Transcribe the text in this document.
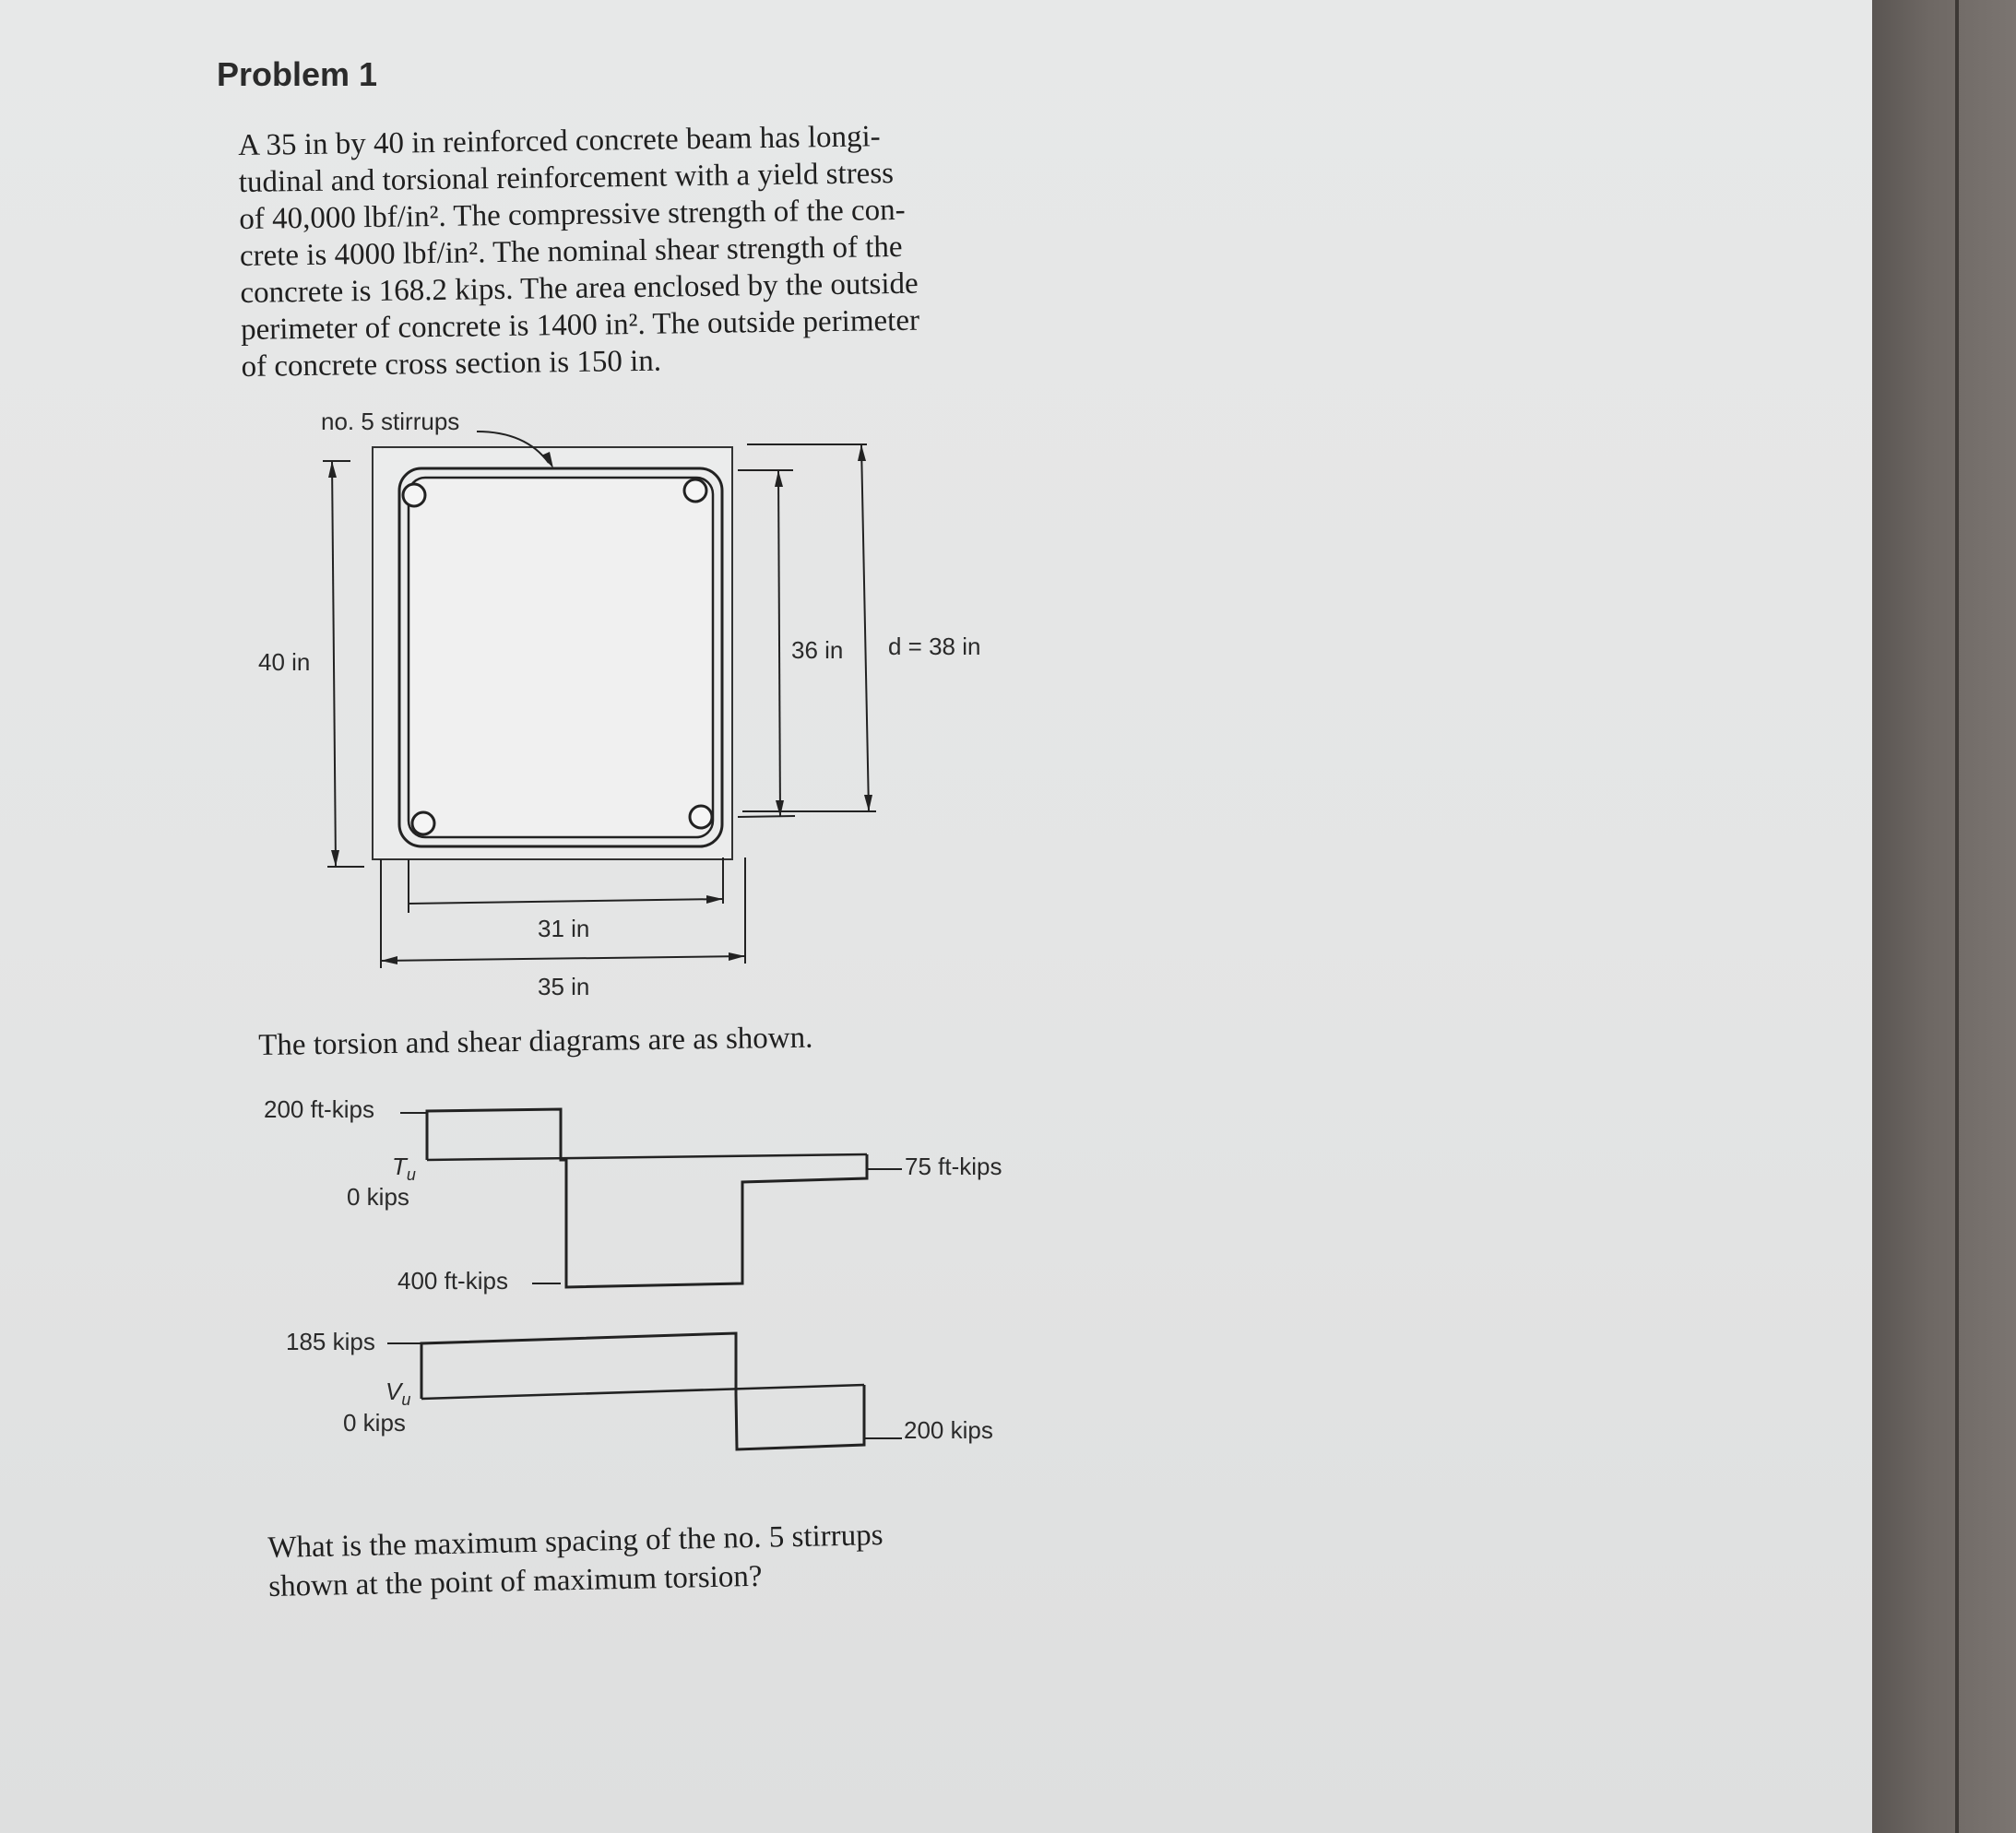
Problem 1

A 35 in by 40 in reinforced concrete beam has longi-

tudinal and torsional reinforcement with a yield stress

of 40,000 lbf/in². The compressive strength of the con-

crete is 4000 lbf/in². The nominal shear strength of the

concrete is 168.2 kips. The area enclosed by the outside

perimeter of concrete is 1400 in². The outside perimeter

of concrete cross section is 150 in.

no. 5 stirrups
40 in	36 in d = 38 in
31 in
35 in
The torsion and shear diagrams are as shown.
200 ft-kips
$T_u$
0 kips
75 ft-kips
400 ft-kips
185 kips
$V_u$
0 kips	200 kips

What is the maximum spacing of the no. 5 stirrups

shown at the point of maximum torsion?
